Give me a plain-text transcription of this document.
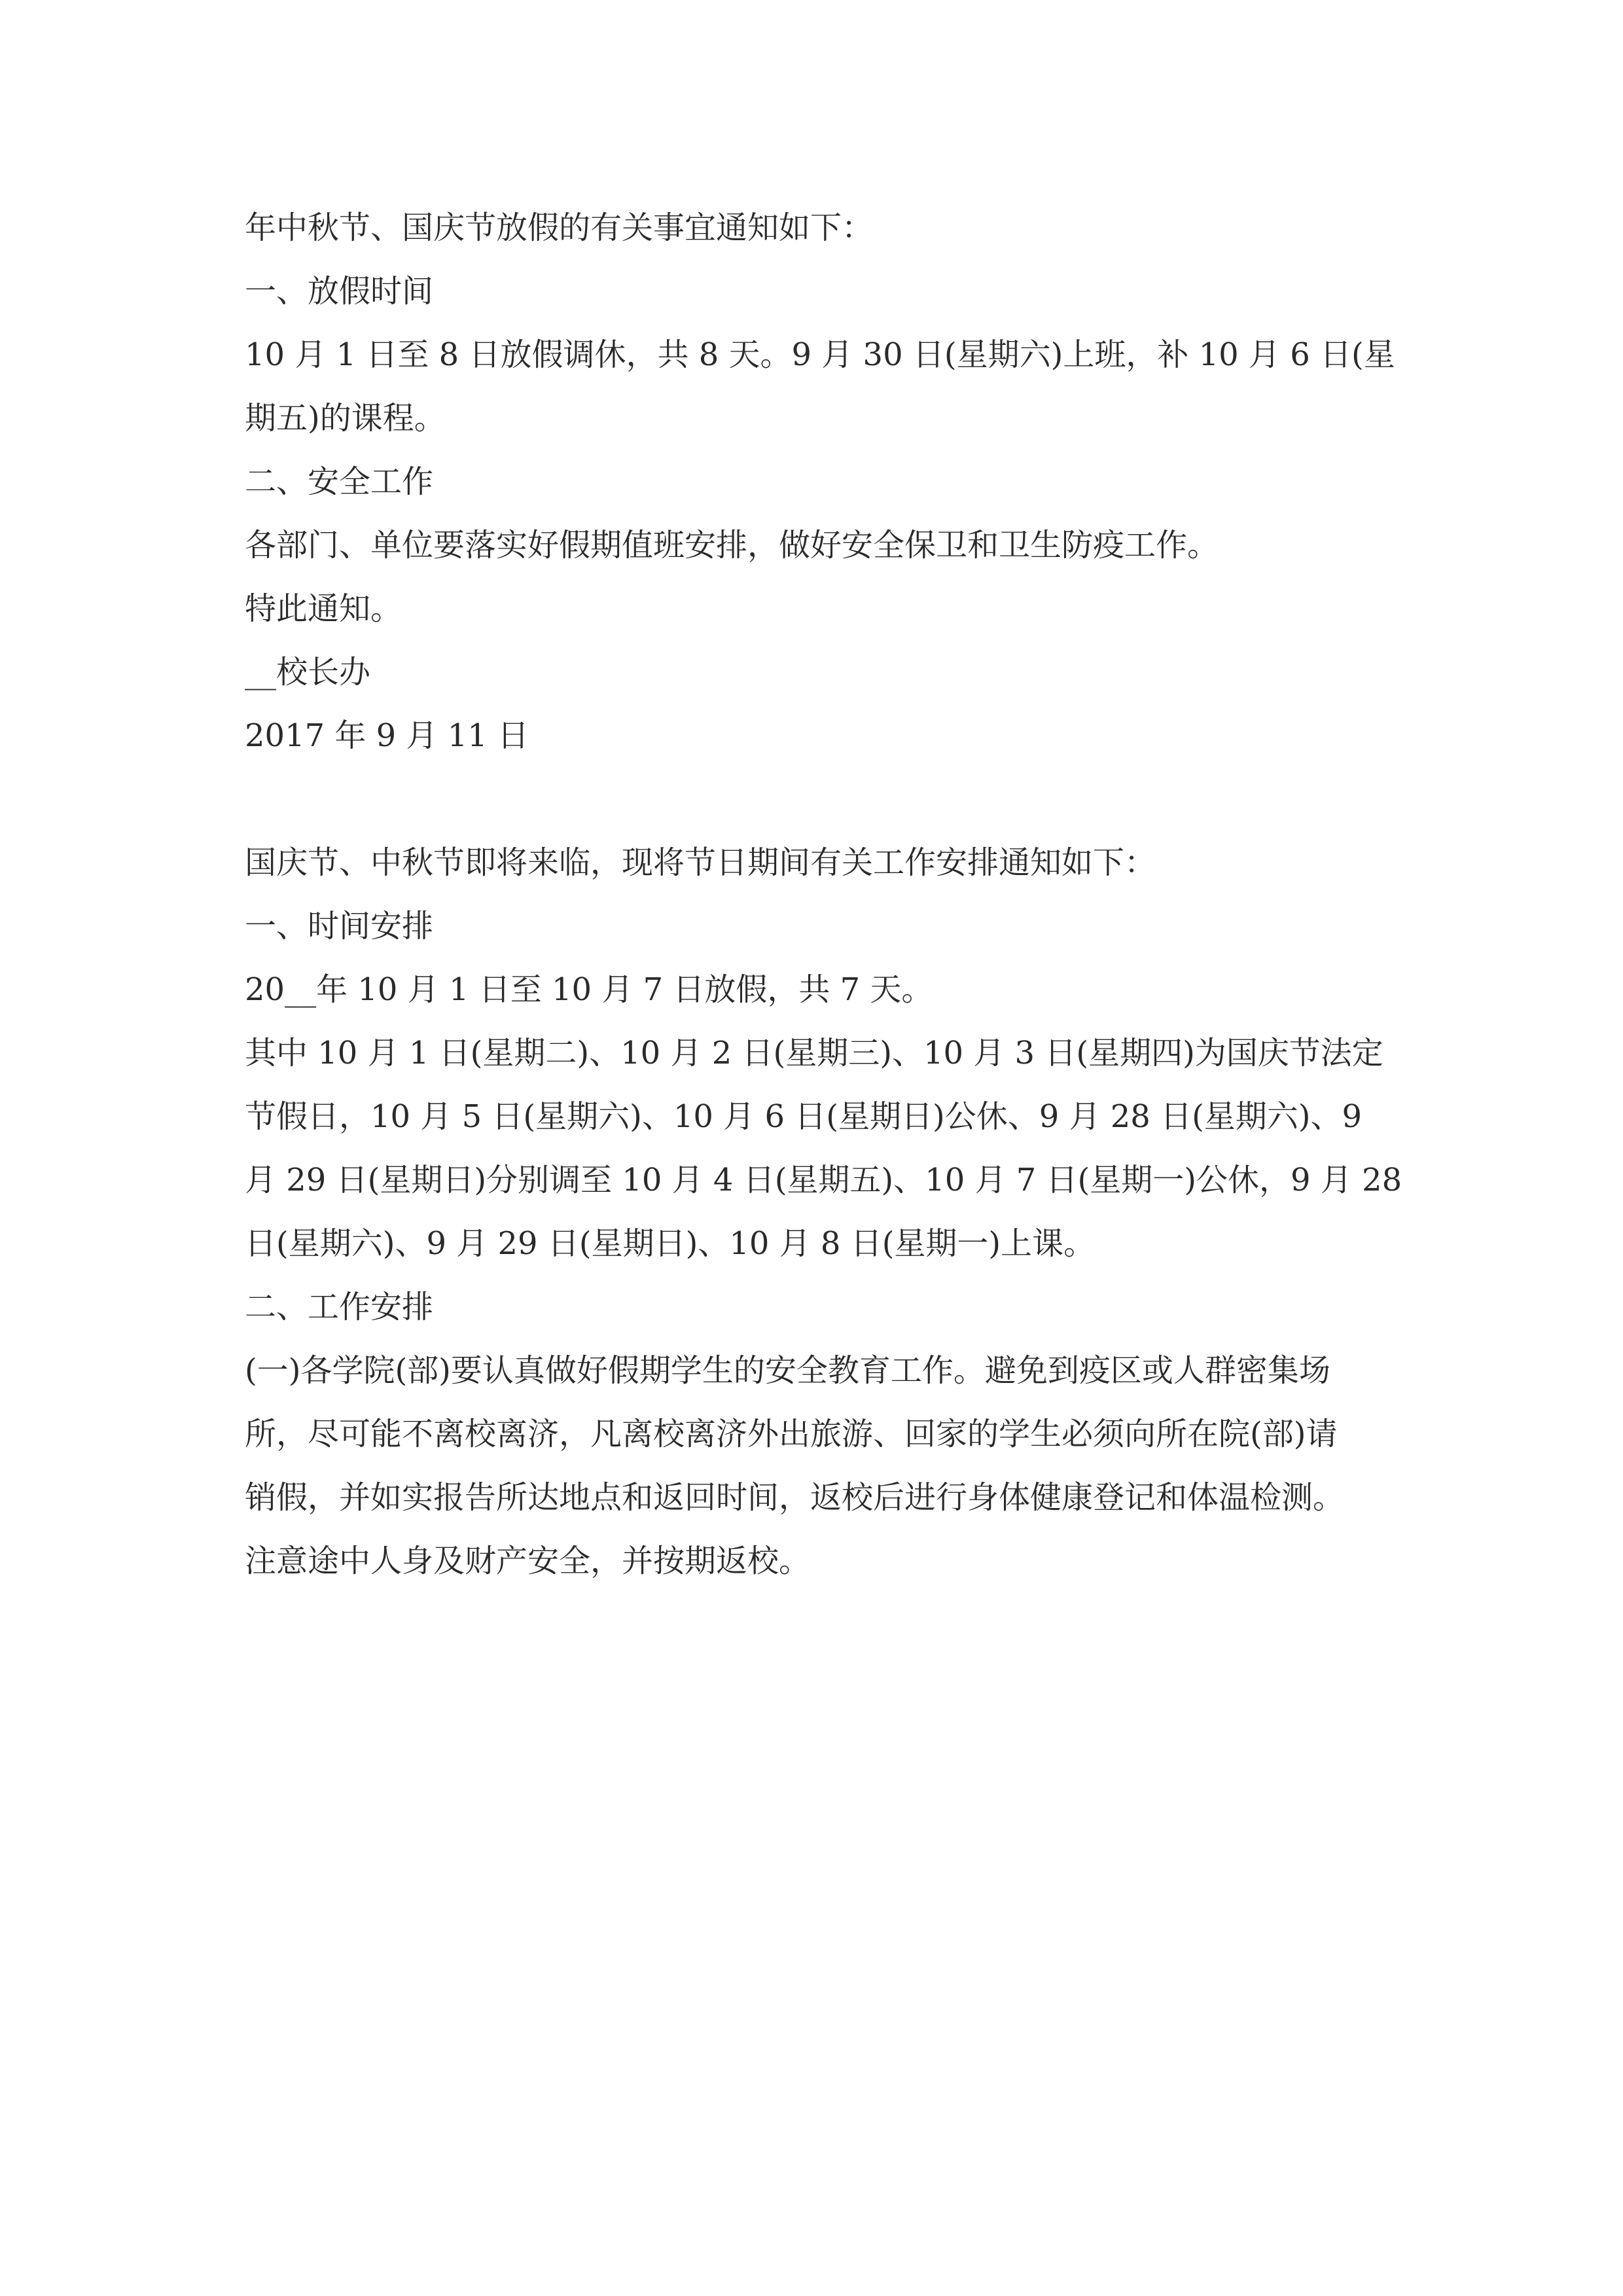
年中秋节、国庆节放假的有关事宜通知如下：
一、放假时间
10 月 1 日至 8 日放假调休，共 8 天。9 月 30 日(星期六)上班，补 10 月 6 日(星
期五)的课程。
二、安全工作
各部门、单位要落实好假期值班安排，做好安全保卫和卫生防疫工作。
特此通知。
__校长办
2017 年 9 月 11 日
国庆节、中秋节即将来临，现将节日期间有关工作安排通知如下：
一、时间安排
20__年 10 月 1 日至 10 月 7 日放假，共 7 天。
其中 10 月 1 日(星期二)、10 月 2 日(星期三)、10 月 3 日(星期四)为国庆节法定
节假日，10 月 5 日(星期六)、10 月 6 日(星期日)公休、9 月 28 日(星期六)、9
月 29 日(星期日)分别调至 10 月 4 日(星期五)、10 月 7 日(星期一)公休，9 月 28
日(星期六)、9 月 29 日(星期日)、10 月 8 日(星期一)上课。
二、工作安排
(一)各学院(部)要认真做好假期学生的安全教育工作。避免到疫区或人群密集场
所，尽可能不离校离济，凡离校离济外出旅游、回家的学生必须向所在院(部)请
销假，并如实报告所达地点和返回时间，返校后进行身体健康登记和体温检测。
注意途中人身及财产安全，并按期返校。
